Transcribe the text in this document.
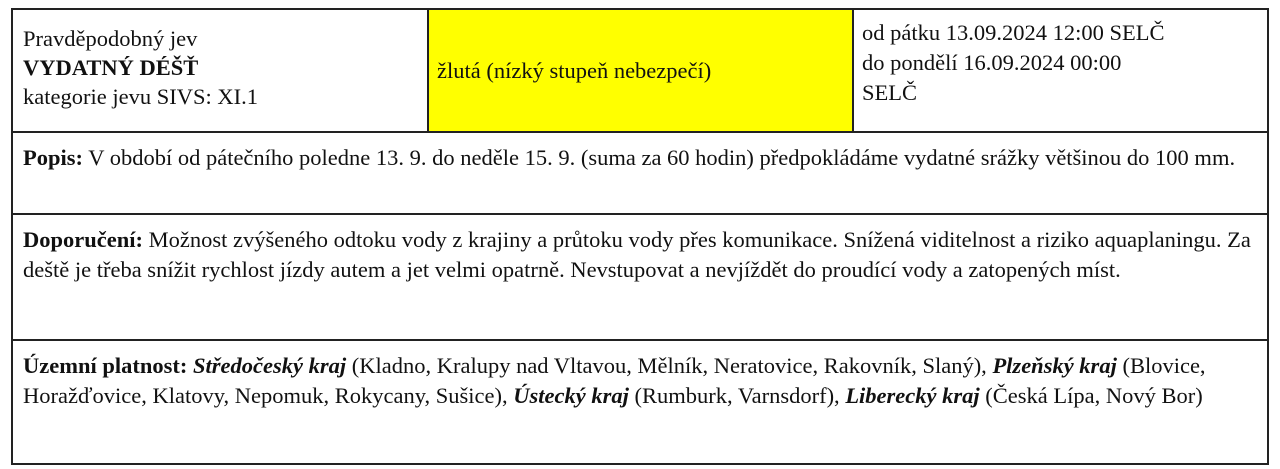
Pravděpodobný jev
VYDATNÝ DÉŠŤ
kategorie jevu SIVS: XI.1
žlutá (nízký stupeň nebezpečí)
od pátku 13.09.2024 12:00 SELČ
do pondělí 16.09.2024 00:00
SELČ
Popis: V období od pátečního poledne 13. 9. do neděle 15. 9. (suma za 60 hodin) předpokládáme vydatné srážky většinou do 100 mm.
Doporučení: Možnost zvýšeného odtoku vody z krajiny a průtoku vody přes komunikace. Snížená viditelnost a riziko aquaplaningu. Za deště je třeba snížit rychlost jízdy autem a jet velmi opatrně. Nevstupovat a nevjíždět do proudící vody a zatopených míst.
Územní platnost: Středočeský kraj (Kladno, Kralupy nad Vltavou, Mělník, Neratovice, Rakovník, Slaný), Plzeňský kraj (Blovice, Horažďovice, Klatovy, Nepomuk, Rokycany, Sušice), Ústecký kraj (Rumburk, Varnsdorf), Liberecký kraj (Česká Lípa, Nový Bor)
